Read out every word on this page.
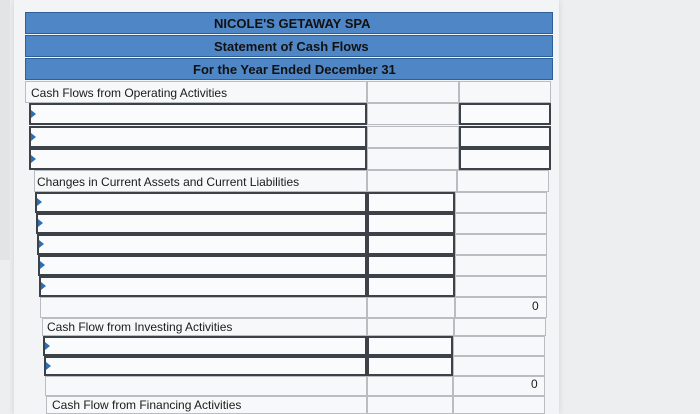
NICOLE'S GETAWAY SPA
Statement of Cash Flows
For the Year Ended December 31
Cash Flows from Operating Activities
Changes in Current Assets and Current Liabilities
0
Cash Flow from Investing Activities
0
Cash Flow from Financing Activities
